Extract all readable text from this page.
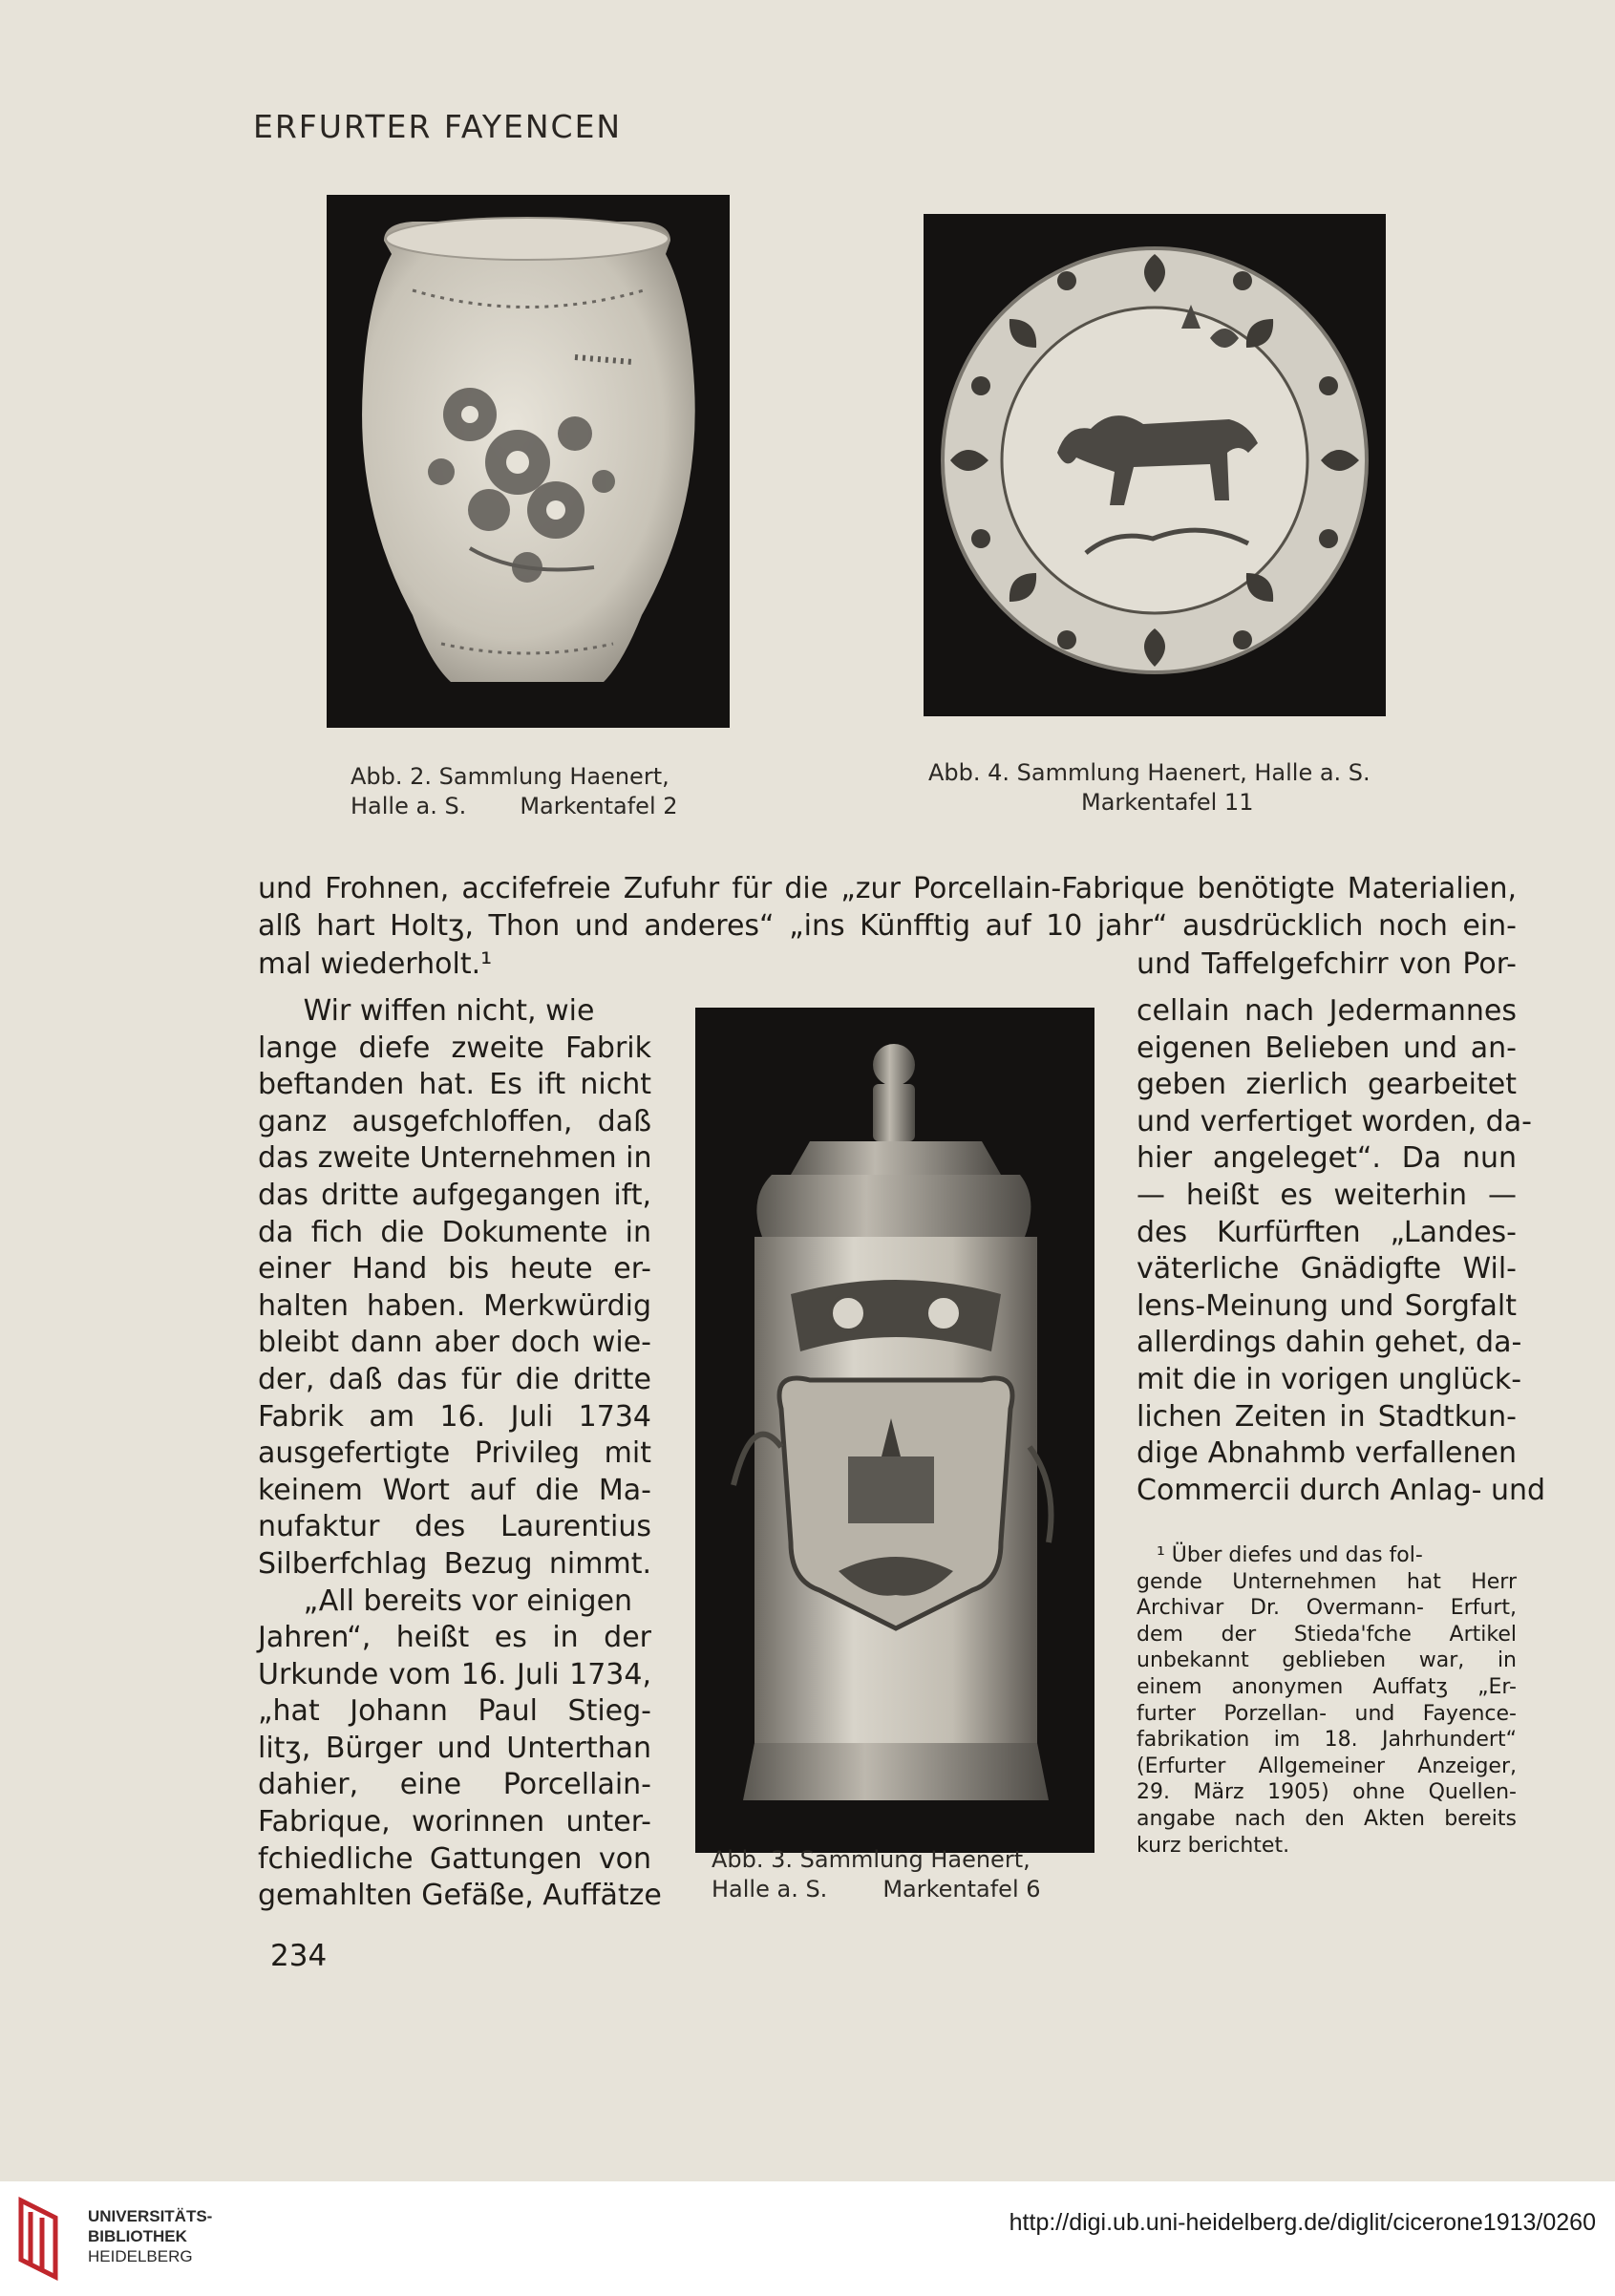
ERFURTER FAYENCEN
Abb. 2. Sammlung Haenert,
Halle a. S. Markentafel 2
Abb. 4. Sammlung Haenert, Halle a. S.
Markentafel 11
und Frohnen, accifefreie Zufuhr für die „zur Porcellain-Fabrique benötigte Materialien,
alß hart Holtʒ, Thon und anderes“ „ins Künfftig auf 10 jahr“ ausdrücklich noch ein-
mal wiederholt.¹	und Taffelgefchirr von Por-
Wir wiffen nicht, wie
lange diefe zweite Fabrik
beftanden hat. Es ift nicht
ganz ausgefchloffen, daß
das zweite Unternehmen in
das dritte aufgegangen ift,
da fich die Dokumente in
einer Hand bis heute er-
halten haben. Merkwürdig
bleibt dann aber doch wie-
der, daß das für die dritte
Fabrik am 16. Juli 1734
ausgefertigte Privileg mit
keinem Wort auf die Ma-
nufaktur des Laurentius
Silberfchlag Bezug nimmt.
„All bereits vor einigen
Jahren“, heißt es in der
Urkunde vom 16. Juli 1734,
„hat Johann Paul Stieg-
litʒ, Bürger und Unterthan
dahier, eine Porcellain-
Fabrique, worinnen unter-
fchiedliche Gattungen von
gemahlten Gefäße, Auffätze
Abb. 3. Sammlung Haenert,
Halle a. S. Markentafel 6
cellain nach Jedermannes
eigenen Belieben und an-
geben zierlich gearbeitet
und verfertiget worden, da-
hier angeleget“. Da nun
— heißt es weiterhin —
des Kurfürften „Landes-
väterliche Gnädigfte Wil-
lens-Meinung und Sorgfalt
allerdings dahin gehet, da-
mit die in vorigen unglück-
lichen Zeiten in Stadtkun-
dige Abnahmb verfallenen
Commercii durch Anlag- und
¹ Über diefes und das fol-
gende Unternehmen hat Herr
Archivar Dr. Overmann- Erfurt,
dem der Stieda'fche Artikel
unbekannt geblieben war, in
einem anonymen Auffatʒ „Er-
furter Porzellan- und Fayence-
fabrikation im 18. Jahrhundert“
(Erfurter Allgemeiner Anzeiger,
29. März 1905) ohne Quellen-
angabe nach den Akten bereits
kurz berichtet.
234
UNIVERSITÄTS-
BIBLIOTHEK
HEIDELBERG
http://digi.ub.uni-heidelberg.de/diglit/cicerone1913/0260
